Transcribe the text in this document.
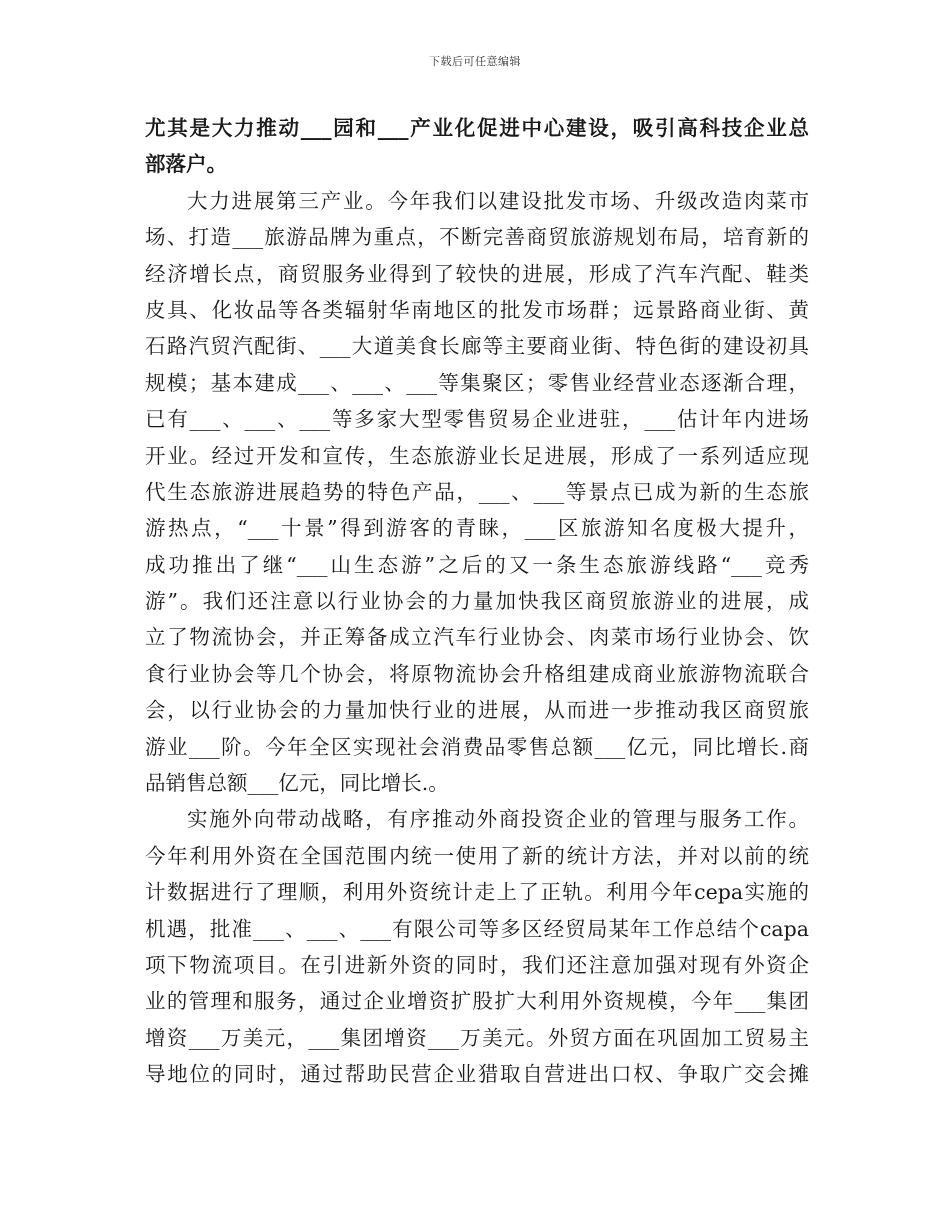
下载后可任意编辑
尤其是大力推动___园和___产业化促进中心建设，吸引高科技企业总
部落户。
大力进展第三产业。今年我们以建设批发市场、升级改造肉菜市
场、打造___旅游品牌为重点，不断完善商贸旅游规划布局，培育新的
经济增长点，商贸服务业得到了较快的进展，形成了汽车汽配、鞋类
皮具、化妆品等各类辐射华南地区的批发市场群；远景路商业街、黄
石路汽贸汽配街、___大道美食长廊等主要商业街、特色街的建设初具
规模；基本建成___、___、___等集聚区；零售业经营业态逐渐合理，
已有___、___、___等多家大型零售贸易企业进驻，___估计年内进场
开业。经过开发和宣传，生态旅游业长足进展，形成了一系列适应现
代生态旅游进展趋势的特色产品，___、___等景点已成为新的生态旅
游热点，“___十景”得到游客的青睐，___区旅游知名度极大提升，
成功推出了继“___山生态游”之后的又一条生态旅游线路“___竞秀
游”。我们还注意以行业协会的力量加快我区商贸旅游业的进展，成
立了物流协会，并正筹备成立汽车行业协会、肉菜市场行业协会、饮
食行业协会等几个协会，将原物流协会升格组建成商业旅游物流联合
会，以行业协会的力量加快行业的进展，从而进一步推动我区商贸旅
游业___阶。今年全区实现社会消费品零售总额___亿元，同比增长.商
品销售总额___亿元，同比增长.。
实施外向带动战略，有序推动外商投资企业的管理与服务工作。
今年利用外资在全国范围内统一使用了新的统计方法，并对以前的统
计数据进行了理顺，利用外资统计走上了正轨。利用今年cepa实施的
机遇，批准___、___、___有限公司等多区经贸局某年工作总结个capa
项下物流项目。在引进新外资的同时，我们还注意加强对现有外资企
业的管理和服务，通过企业增资扩股扩大利用外资规模，今年___集团
增资___万美元，___集团增资___万美元。外贸方面在巩固加工贸易主
导地位的同时，通过帮助民营企业猎取自营进出口权、争取广交会摊
